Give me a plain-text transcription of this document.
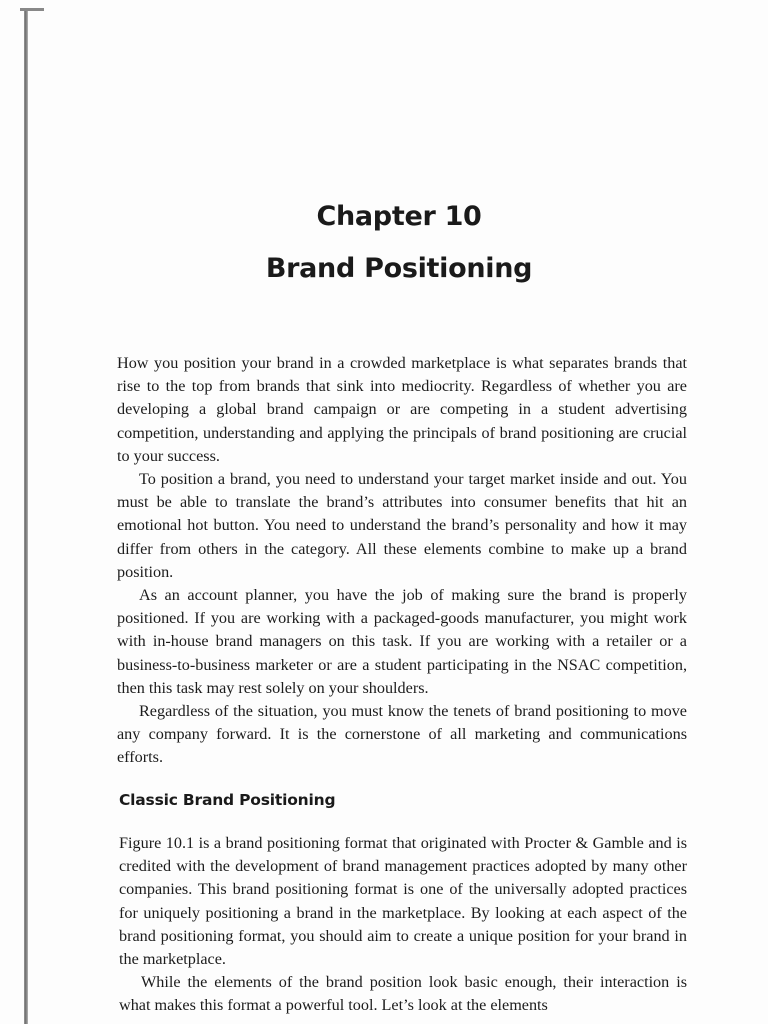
Chapter 10
Brand Positioning

How you position your brand in a crowded marketplace is what separates brands that rise to the top from brands that sink into mediocrity. Regardless of whether you are developing a global brand campaign or are competing in a student advertising competition, understanding and applying the principals of brand positioning are crucial to your success.

To position a brand, you need to understand your target market inside and out. You must be able to translate the brand’s attributes into consumer benefits that hit an emotional hot button. You need to understand the brand’s personality and how it may differ from others in the category. All these elements combine to make up a brand position.

As an account planner, you have the job of making sure the brand is properly positioned. If you are working with a packaged-goods manufacturer, you might work with in-house brand managers on this task. If you are working with a retailer or a business-to-business marketer or are a student participating in the NSAC competition, then this task may rest solely on your shoulders.

Regardless of the situation, you must know the tenets of brand positioning to move any company forward. It is the cornerstone of all marketing and communications efforts.

Classic Brand Positioning

Figure 10.1 is a brand positioning format that originated with Procter & Gamble and is credited with the development of brand management practices adopted by many other companies. This brand positioning format is one of the universally adopted practices for uniquely positioning a brand in the marketplace. By looking at each aspect of the brand positioning format, you should aim to create a unique position for your brand in the marketplace.

While the elements of the brand position look basic enough, their interaction is what makes this format a powerful tool. Let’s look at the elements
